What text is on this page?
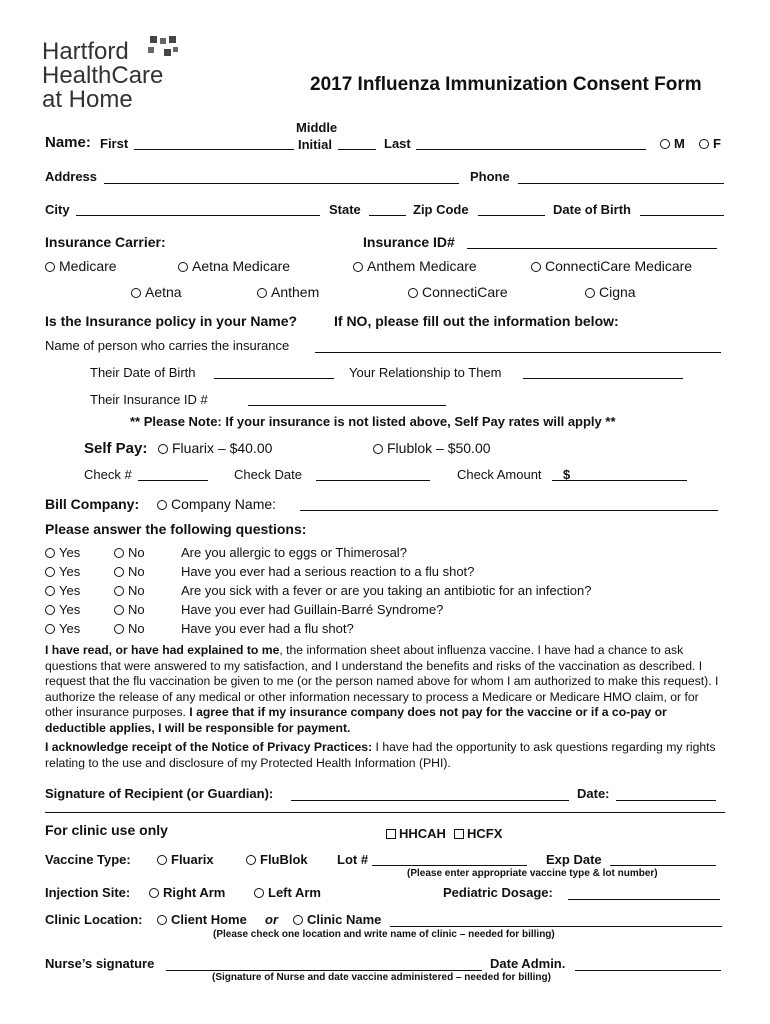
Hartford
HealthCare
at Home
2017 Influenza Immunization Consent Form
Name: First
Middle
Initial	Last	M	F
Address	Phone
City	State	Zip Code	Date of Birth
Insurance Carrier:	Insurance ID#
Medicare	Aetna Medicare	Anthem Medicare	ConnectiCare Medicare
Aetna	Anthem	ConnectiCare	Cigna
Is the Insurance policy in your Name?	If NO, please fill out the information below:
Name of person who carries the insurance
Their Date of Birth	Your Relationship to Them
Their Insurance ID #
** Please Note: If your insurance is not listed above, Self Pay rates will apply **
Self Pay:	Fluarix – $40.00	Flublok – $50.00
Check #	Check Date	Check Amount $
Bill Company:	Company Name:
Please answer the following questions:
Yes	No	Are you allergic to eggs or Thimerosal?
Yes	No	Have you ever had a serious reaction to a flu shot?
Yes	No	Are you sick with a fever or are you taking an antibiotic for an infection?
Yes	No	Have you ever had Guillain-Barré Syndrome?
Yes	No	Have you ever had a flu shot?
I have read, or have had explained to me, the information sheet about influenza vaccine. I have had a chance to ask questions that were answered to my satisfaction, and I understand the benefits and risks of the vaccination as described. I request that the flu vaccination be given to me (or the person named above for whom I am authorized to make this request). I authorize the release of any medical or other information necessary to process a Medicare or Medicare HMO claim, or for other insurance purposes. I agree that if my insurance company does not pay for the vaccine or if a co-pay or deductible applies, I will be responsible for payment.
I acknowledge receipt of the Notice of Privacy Practices: I have had the opportunity to ask questions regarding my rights relating to the use and disclosure of my Protected Health Information (PHI).
Signature of Recipient (or Guardian):	Date:
For clinic use only	HHCAH	HCFX
Vaccine Type:	Fluarix	FluBlok Lot #	Exp Date
(Please enter appropriate vaccine type & lot number)
Injection Site:	Right Arm	Left Arm	Pediatric Dosage:
Clinic Location:	Client Home or	Clinic Name
(Please check one location and write name of clinic – needed for billing)
Nurse’s signature	Date Admin.
(Signature of Nurse and date vaccine administered – needed for billing)
